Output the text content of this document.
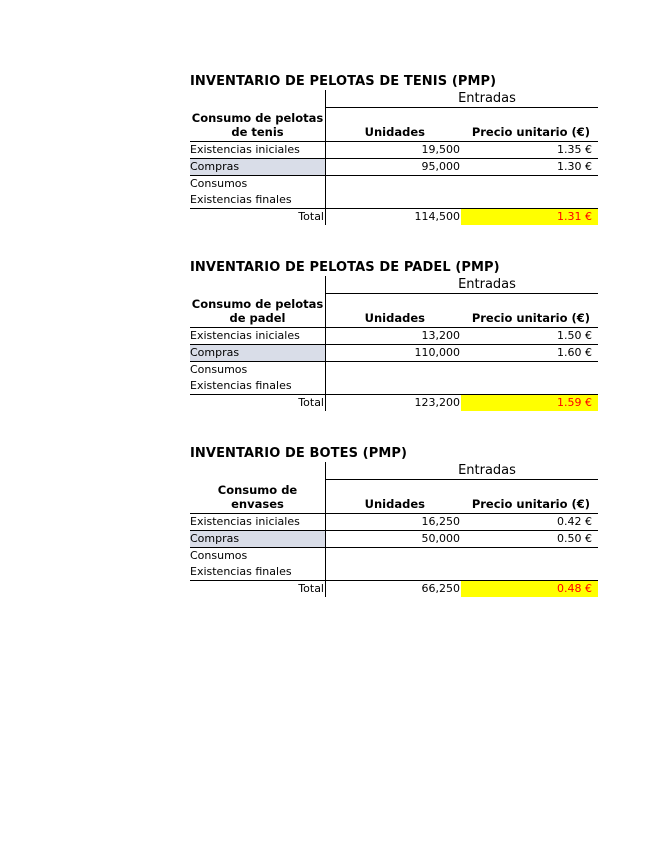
INVENTARIO DE PELOTAS DE TENIS (PMP)
Entradas
Consumo de pelotas de tenis	Unidades	Precio unitario (€)
Existencias iniciales	19,500	1.35 €
Compras	95,000	1.30 €
Consumos
Existencias finales
Total	114,500	1.31 €
INVENTARIO DE PELOTAS DE PADEL (PMP)
Entradas
Consumo de pelotas de padel	Unidades	Precio unitario (€)
Existencias iniciales	13,200	1.50 €
Compras	110,000	1.60 €
Consumos
Existencias finales
Total	123,200	1.59 €
INVENTARIO DE BOTES (PMP)
Entradas
Consumo de envases	Unidades	Precio unitario (€)
Existencias iniciales	16,250	0.42 €
Compras	50,000	0.50 €
Consumos
Existencias finales
Total	66,250	0.48 €
